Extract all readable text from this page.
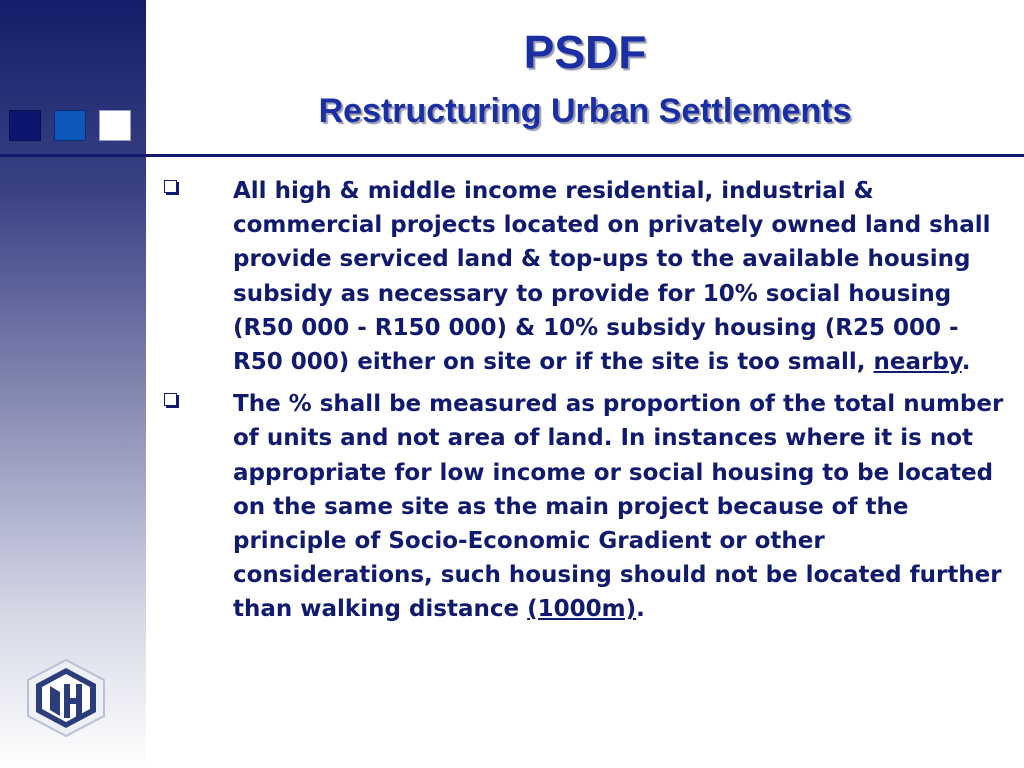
PSDF
Restructuring Urban Settlements

All high & middle income residential, industrial & commercial projects located on privately owned land shall provide serviced land & top-ups to the available housing subsidy as necessary to provide for 10% social housing (R50 000 - R150 000) & 10% subsidy housing (R25 000 - R50 000) either on site or if the site is too small, nearby.

The % shall be measured as proportion of the total number of units and not area of land. In instances where it is not appropriate for low income or social housing to be located on the same site as the main project because of the principle of Socio-Economic Gradient or other considerations, such housing should not be located further than walking distance (1000m).
